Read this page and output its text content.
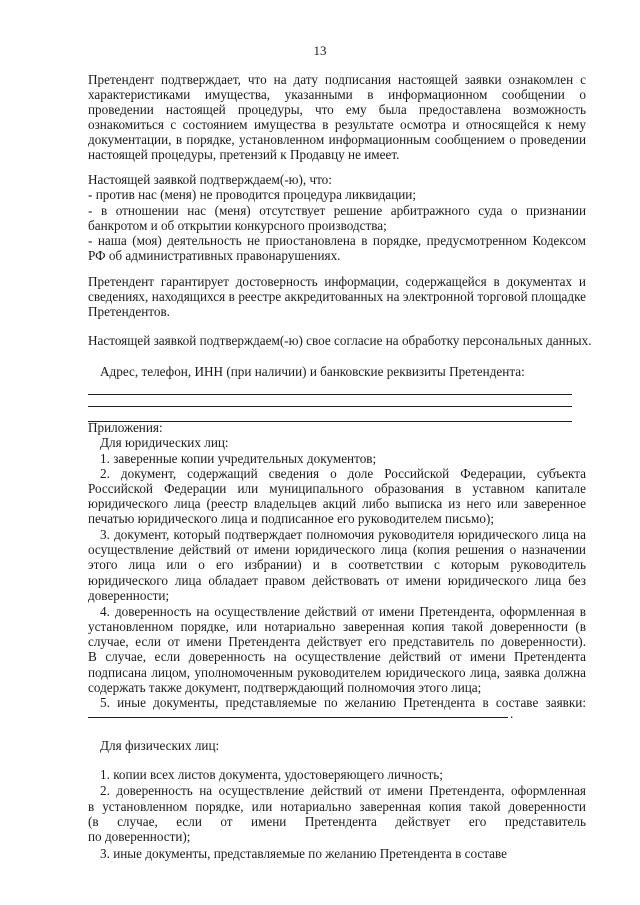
13
Претендент подтверждает, что на дату подписания настоящей заявки ознакомлен с
характеристиками имущества, указанными в информационном сообщении о
проведении настоящей процедуры, что ему была предоставлена возможность
ознакомиться с состоянием имущества в результате осмотра и относящейся к нему
документации, в порядке, установленном информационным сообщением о проведении
настоящей процедуры, претензий к Продавцу не имеет.
Настоящей заявкой подтверждаем(-ю), что:
- против нас (меня) не проводится процедура ликвидации;
- в отношении нас (меня) отсутствует решение арбитражного суда о признании
банкротом и об открытии конкурсного производства;
- наша (моя) деятельность не приостановлена в порядке, предусмотренном Кодексом
РФ об административных правонарушениях.
Претендент гарантирует достоверность информации, содержащейся в документах и
сведениях, находящихся в реестре аккредитованных на электронной торговой площадке
Претендентов.
Настоящей заявкой подтверждаем(-ю) свое согласие на обработку персональных данных.
Адрес, телефон, ИНН (при наличии) и банковские реквизиты Претендента:
Приложения:
Для юридических лиц:
1. заверенные копии учредительных документов;
2. документ, содержащий сведения о доле Российской Федерации, субъекта
Российской Федерации или муниципального образования в уставном капитале
юридического лица (реестр владельцев акций либо выписка из него или заверенное
печатью юридического лица и подписанное его руководителем письмо);
3. документ, который подтверждает полномочия руководителя юридического лица на
осуществление действий от имени юридического лица (копия решения о назначении
этого лица или о его избрании) и в соответствии с которым руководитель
юридического лица обладает правом действовать от имени юридического лица без
доверенности;
4. доверенность на осуществление действий от имени Претендента, оформленная в
установленном порядке, или нотариально заверенная копия такой доверенности (в
случае, если от имени Претендента действует его представитель по доверенности).
В случае, если доверенность на осуществление действий от имени Претендента
подписана лицом, уполномоченным руководителем юридического лица, заявка должна
содержать также документ, подтверждающий полномочия этого лица;
5. иные документы, представляемые по желанию Претендента в составе заявки:
.
Для физических лиц:
1. копии всех листов документа, удостоверяющего личность;
2. доверенность на осуществление действий от имени Претендента, оформленная
в установленном порядке, или нотариально заверенная копия такой доверенности
(в случае, если от имени Претендента действует его представитель
по доверенности);
3. иные документы, представляемые по желанию Претендента в составе
